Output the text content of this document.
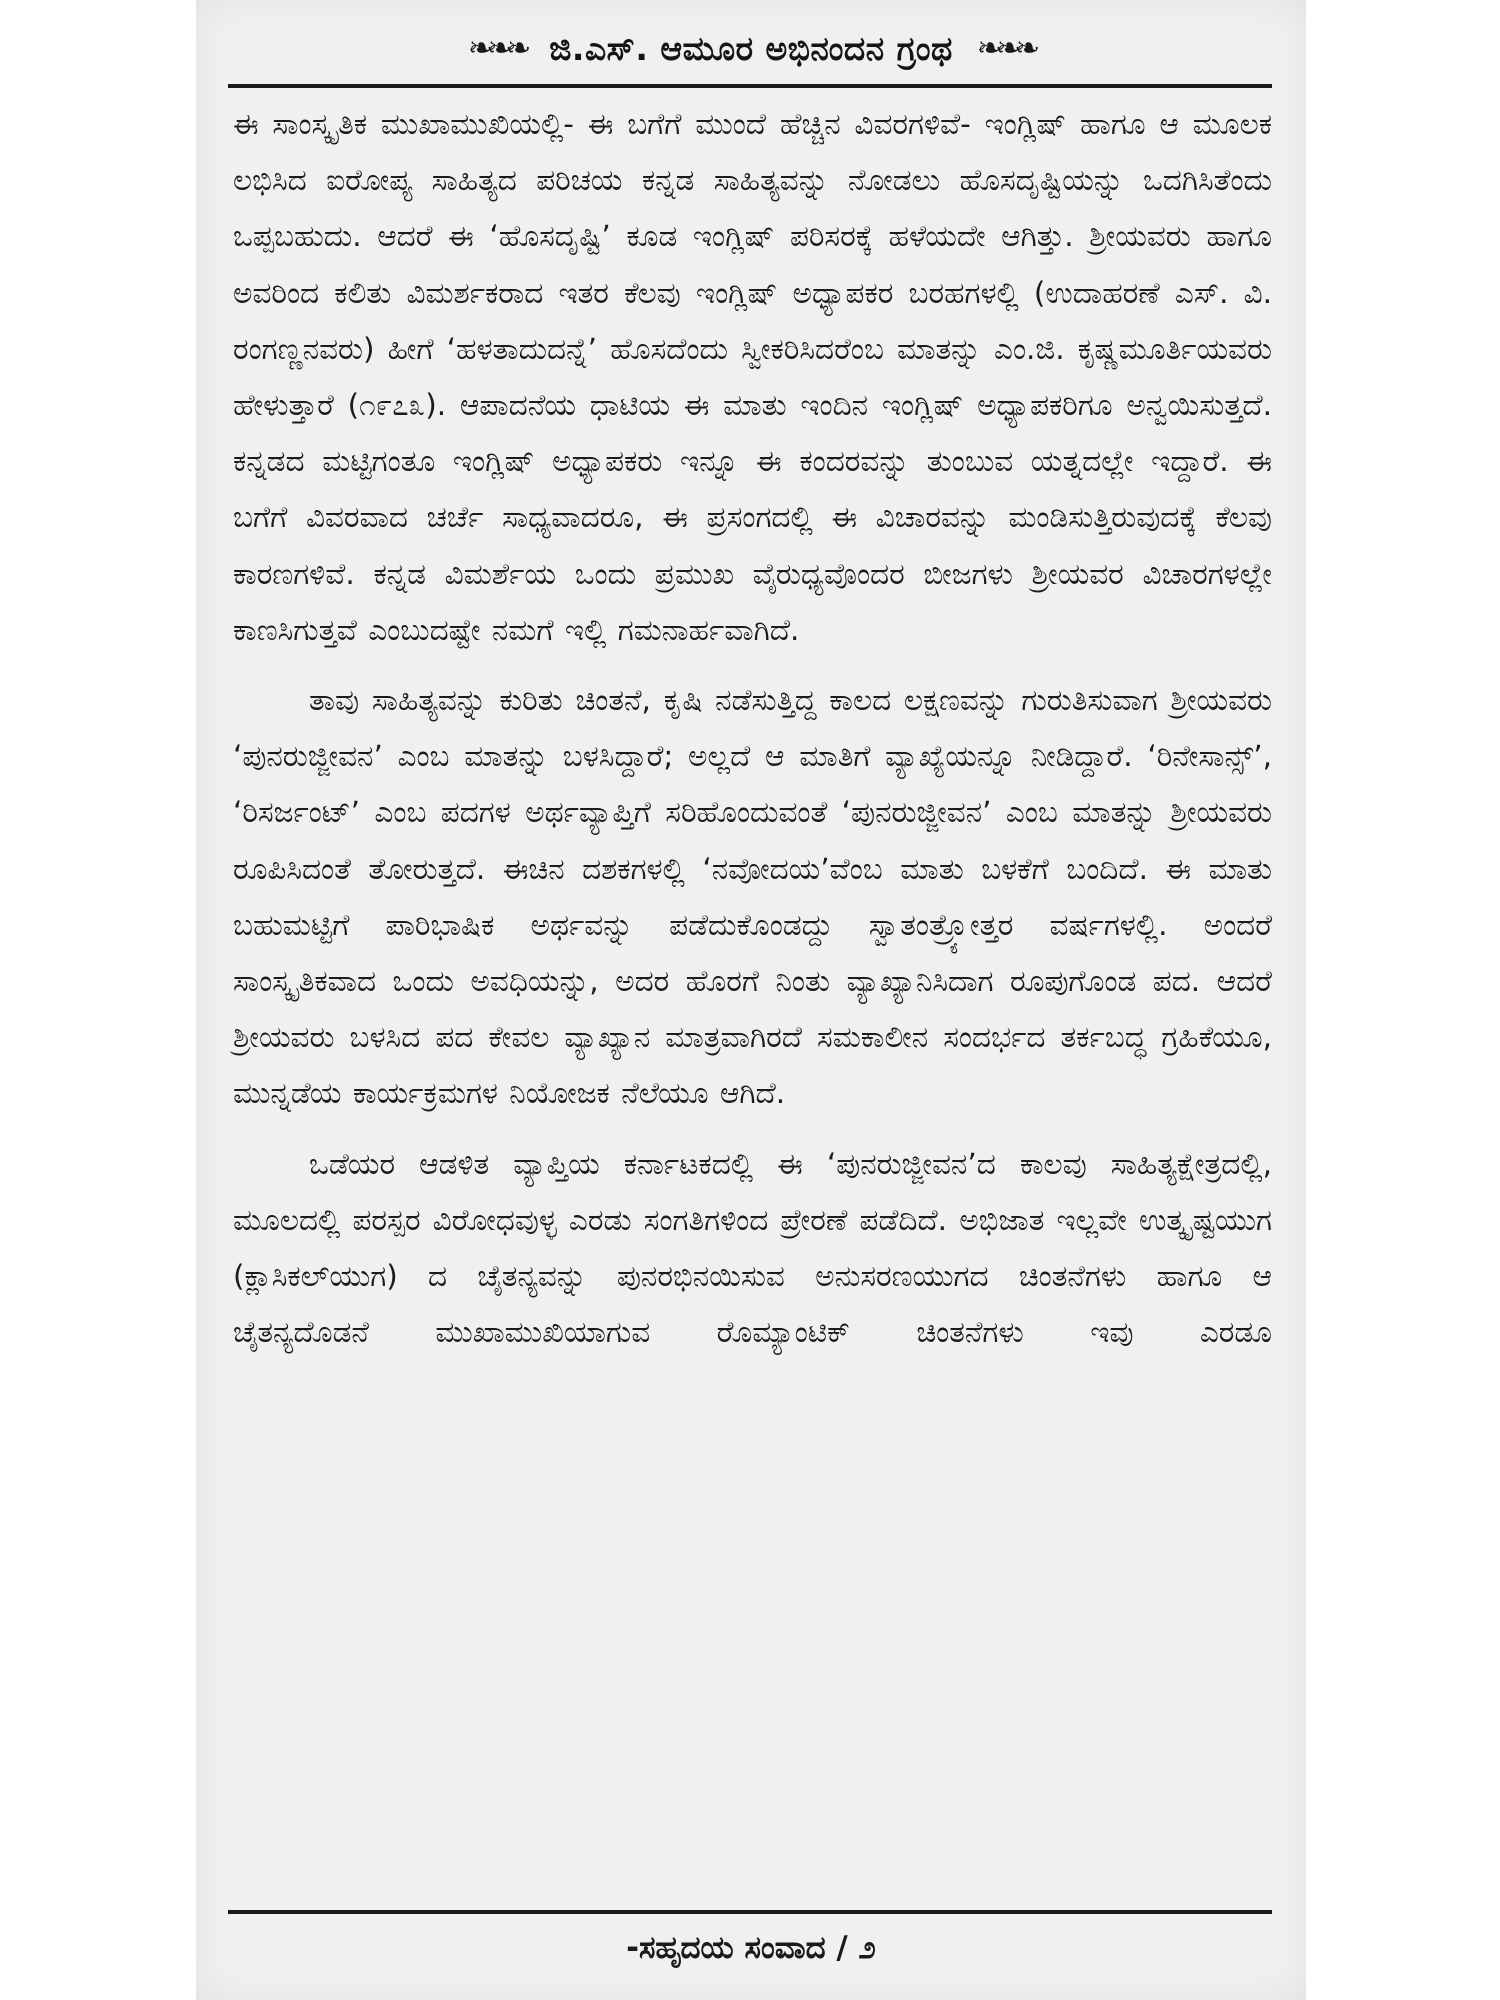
❧❧❧ ಜಿ.ಎಸ್. ಆಮೂರ ಅಭಿನಂದನ ಗ್ರಂಥ ❧❧❧

ಈ ಸಾಂಸ್ಕೃತಿಕ ಮುಖಾಮುಖಿಯಲ್ಲಿ- ಈ ಬಗೆಗೆ ಮುಂದೆ ಹೆಚ್ಚಿನ ವಿವರಗಳಿವೆ- ಇಂಗ್ಲಿಷ್ ಹಾಗೂ ಆ ಮೂಲಕ ಲಭಿಸಿದ ಐರೋಪ್ಯ ಸಾಹಿತ್ಯದ ಪರಿಚಯ ಕನ್ನಡ ಸಾಹಿತ್ಯವನ್ನು ನೋಡಲು ಹೊಸದೃಷ್ಟಿಯನ್ನು ಒದಗಿಸಿತೆಂದು ಒಪ್ಪಬಹುದು. ಆದರೆ ಈ ‘ಹೊಸದೃಷ್ಟಿ’ ಕೂಡ ಇಂಗ್ಲಿಷ್ ಪರಿಸರಕ್ಕೆ ಹಳೆಯದೇ ಆಗಿತ್ತು. ಶ್ರೀಯವರು ಹಾಗೂ ಅವರಿಂದ ಕಲಿತು ವಿಮರ್ಶಕರಾದ ಇತರ ಕೆಲವು ಇಂಗ್ಲಿಷ್ ಅಧ್ಯಾಪಕರ ಬರಹಗಳಲ್ಲಿ (ಉದಾಹರಣೆ ಎಸ್. ವಿ. ರಂಗಣ್ಣನವರು) ಹೀಗೆ ‘ಹಳತಾದುದನ್ನೆ’ ಹೊಸದೆಂದು ಸ್ವೀಕರಿಸಿದರೆಂಬ ಮಾತನ್ನು ಎಂ.ಜಿ. ಕೃಷ್ಣಮೂರ್ತಿಯವರು ಹೇಳುತ್ತಾರೆ (೧೯೭೩). ಆಪಾದನೆಯ ಧಾಟಿಯ ಈ ಮಾತು ಇಂದಿನ ಇಂಗ್ಲಿಷ್ ಅಧ್ಯಾಪಕರಿಗೂ ಅನ್ವಯಿಸುತ್ತದೆ. ಕನ್ನಡದ ಮಟ್ಟಿಗಂತೂ ಇಂಗ್ಲಿಷ್ ಅಧ್ಯಾಪಕರು ಇನ್ನೂ ಈ ಕಂದರವನ್ನು ತುಂಬುವ ಯತ್ನದಲ್ಲೇ ಇದ್ದಾರೆ. ಈ ಬಗೆಗೆ ವಿವರವಾದ ಚರ್ಚೆ ಸಾಧ್ಯವಾದರೂ, ಈ ಪ್ರಸಂಗದಲ್ಲಿ ಈ ವಿಚಾರವನ್ನು ಮಂಡಿಸುತ್ತಿರುವುದಕ್ಕೆ ಕೆಲವು ಕಾರಣಗಳಿವೆ. ಕನ್ನಡ ವಿಮರ್ಶೆಯ ಒಂದು ಪ್ರಮುಖ ವೈರುಧ್ಯವೊಂದರ ಬೀಜಗಳು ಶ್ರೀಯವರ ವಿಚಾರಗಳಲ್ಲೇ ಕಾಣಸಿಗುತ್ತವೆ ಎಂಬುದಷ್ಟೇ ನಮಗೆ ಇಲ್ಲಿ ಗಮನಾರ್ಹವಾಗಿದೆ.

ತಾವು ಸಾಹಿತ್ಯವನ್ನು ಕುರಿತು ಚಿಂತನೆ, ಕೃಷಿ ನಡೆಸುತ್ತಿದ್ದ ಕಾಲದ ಲಕ್ಷಣವನ್ನು ಗುರುತಿಸುವಾಗ ಶ್ರೀಯವರು ‘ಪುನರುಜ್ಜೀವನ’ ಎಂಬ ಮಾತನ್ನು ಬಳಸಿದ್ದಾರೆ; ಅಲ್ಲದೆ ಆ ಮಾತಿಗೆ ವ್ಯಾಖ್ಯೆಯನ್ನೂ ನೀಡಿದ್ದಾರೆ. ‘ರಿನೇಸಾನ್ಸ್’, ‘ರಿಸರ್ಜಂಟ್’ ಎಂಬ ಪದಗಳ ಅರ್ಥವ್ಯಾಪ್ತಿಗೆ ಸರಿಹೊಂದುವಂತೆ ‘ಪುನರುಜ್ಜೀವನ’ ಎಂಬ ಮಾತನ್ನು ಶ್ರೀಯವರು ರೂಪಿಸಿದಂತೆ ತೋರುತ್ತದೆ. ಈಚಿನ ದಶಕಗಳಲ್ಲಿ ‘ನವೋದಯ’ವೆಂಬ ಮಾತು ಬಳಕೆಗೆ ಬಂದಿದೆ. ಈ ಮಾತು ಬಹುಮಟ್ಟಿಗೆ ಪಾರಿಭಾಷಿಕ ಅರ್ಥವನ್ನು ಪಡೆದುಕೊಂಡದ್ದು ಸ್ವಾತಂತ್ರ್ಯೋತ್ತರ ವರ್ಷಗಳಲ್ಲಿ. ಅಂದರೆ ಸಾಂಸ್ಕೃತಿಕವಾದ ಒಂದು ಅವಧಿಯನ್ನು, ಅದರ ಹೊರಗೆ ನಿಂತು ವ್ಯಾಖ್ಯಾನಿಸಿದಾಗ ರೂಪುಗೊಂಡ ಪದ. ಆದರೆ ಶ್ರೀಯವರು ಬಳಸಿದ ಪದ ಕೇವಲ ವ್ಯಾಖ್ಯಾನ ಮಾತ್ರವಾಗಿರದೆ ಸಮಕಾಲೀನ ಸಂದರ್ಭದ ತರ್ಕಬದ್ಧ ಗ್ರಹಿಕೆಯೂ, ಮುನ್ನಡೆಯ ಕಾರ್ಯಕ್ರಮಗಳ ನಿಯೋಜಕ ನೆಲೆಯೂ ಆಗಿದೆ.

ಒಡೆಯರ ಆಡಳಿತ ವ್ಯಾಪ್ತಿಯ ಕರ್ನಾಟಕದಲ್ಲಿ ಈ ‘ಪುನರುಜ್ಜೀವನ’ದ ಕಾಲವು ಸಾಹಿತ್ಯಕ್ಷೇತ್ರದಲ್ಲಿ, ಮೂಲದಲ್ಲಿ ಪರಸ್ಪರ ವಿರೋಧವುಳ್ಳ ಎರಡು ಸಂಗತಿಗಳಿಂದ ಪ್ರೇರಣೆ ಪಡೆದಿದೆ. ಅಭಿಜಾತ ಇಲ್ಲವೇ ಉತ್ಕೃಷ್ಟಯುಗ (ಕ್ಲಾಸಿಕಲ್‌ಯುಗ) ದ ಚೈತನ್ಯವನ್ನು ಪುನರಭಿನಯಿಸುವ ಅನುಸರಣಯುಗದ ಚಿಂತನೆಗಳು ಹಾಗೂ ಆ ಚೈತನ್ಯದೊಡನೆ ಮುಖಾಮುಖಿಯಾಗುವ ರೊಮ್ಯಾಂಟಿಕ್ ಚಿಂತನೆಗಳು ಇವು ಎರಡೂ

-ಸಹೃದಯ ಸಂವಾದ / ೨
